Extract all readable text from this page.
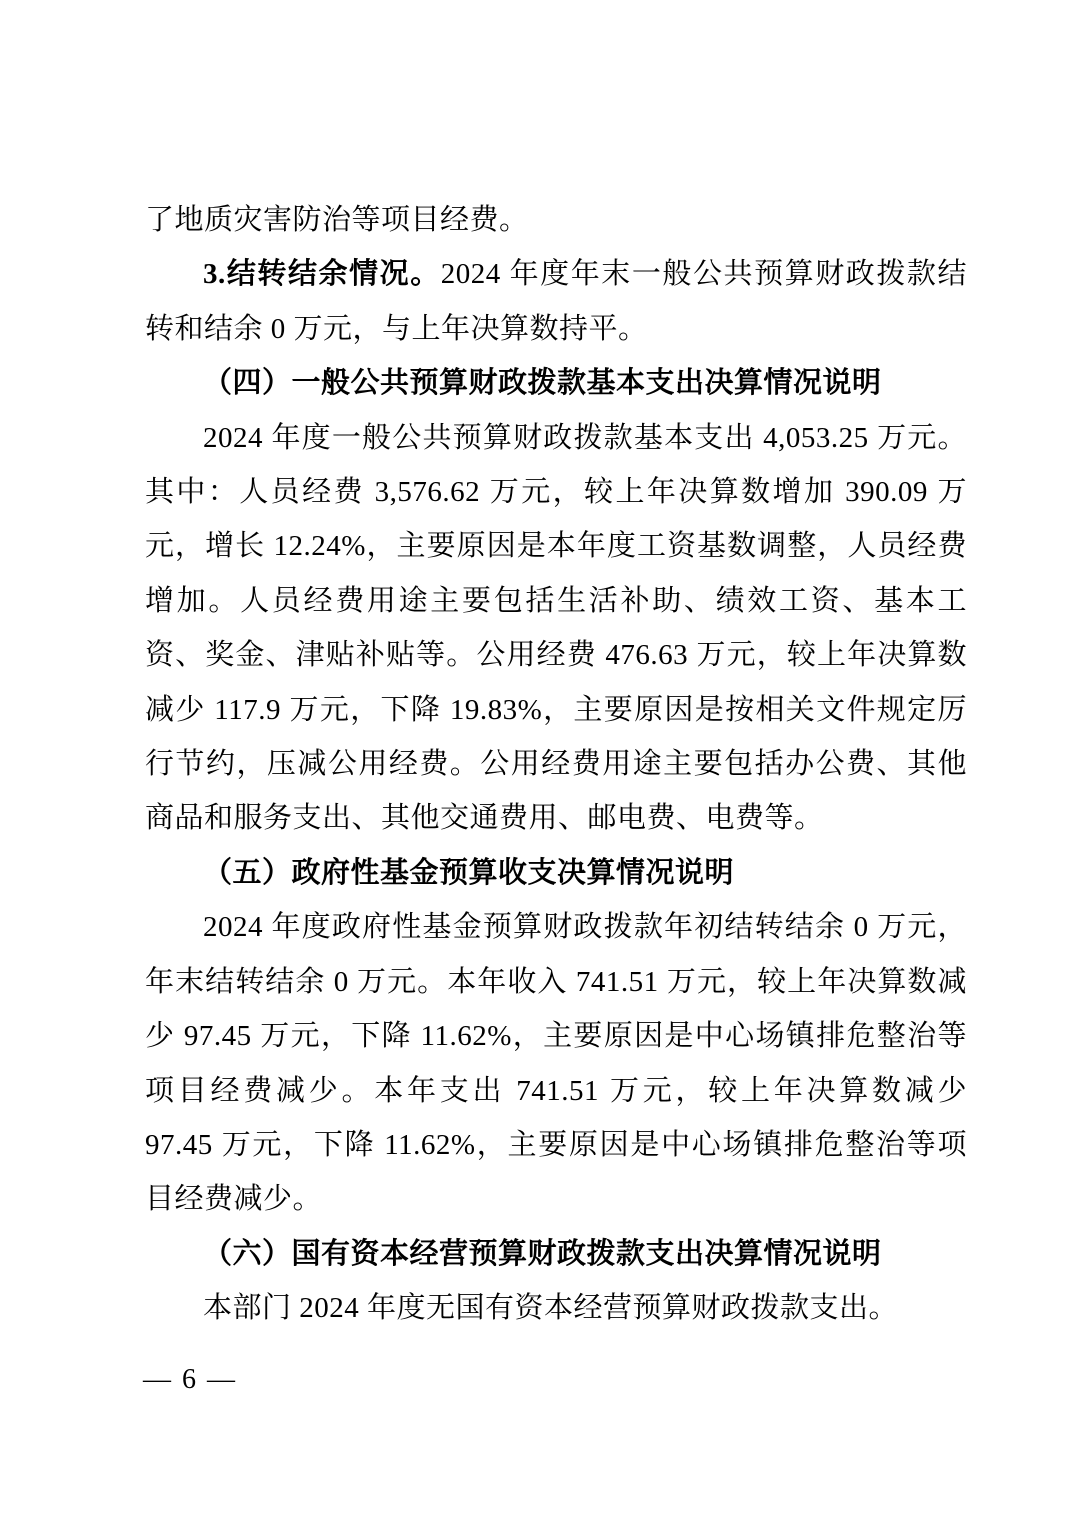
了地质灾害防治等项目经费。

3.结转结余情况。2024 年度年末一般公共预算财政拨款结转和结余 0 万元，与上年决算数持平。

（四）一般公共预算财政拨款基本支出决算情况说明

2024 年度一般公共预算财政拨款基本支出 4,053.25 万元。其中：人员经费 3,576.62 万元，较上年决算数增加 390.09 万元，增长 12.24%，主要原因是本年度工资基数调整，人员经费增加。人员经费用途主要包括生活补助、绩效工资、基本工资、奖金、津贴补贴等。公用经费 476.63 万元，较上年决算数减少 117.9 万元，下降 19.83%，主要原因是按相关文件规定厉行节约，压减公用经费。公用经费用途主要包括办公费、其他商品和服务支出、其他交通费用、邮电费、电费等。

（五）政府性基金预算收支决算情况说明

2024 年度政府性基金预算财政拨款年初结转结余 0 万元，年末结转结余 0 万元。本年收入 741.51 万元，较上年决算数减少 97.45 万元，下降 11.62%，主要原因是中心场镇排危整治等项目经费减少。本年支出 741.51 万元，较上年决算数减少 97.45 万元，下降 11.62%，主要原因是中心场镇排危整治等项目经费减少。

（六）国有资本经营预算财政拨款支出决算情况说明

本部门 2024 年度无国有资本经营预算财政拨款支出。

— 6 —
